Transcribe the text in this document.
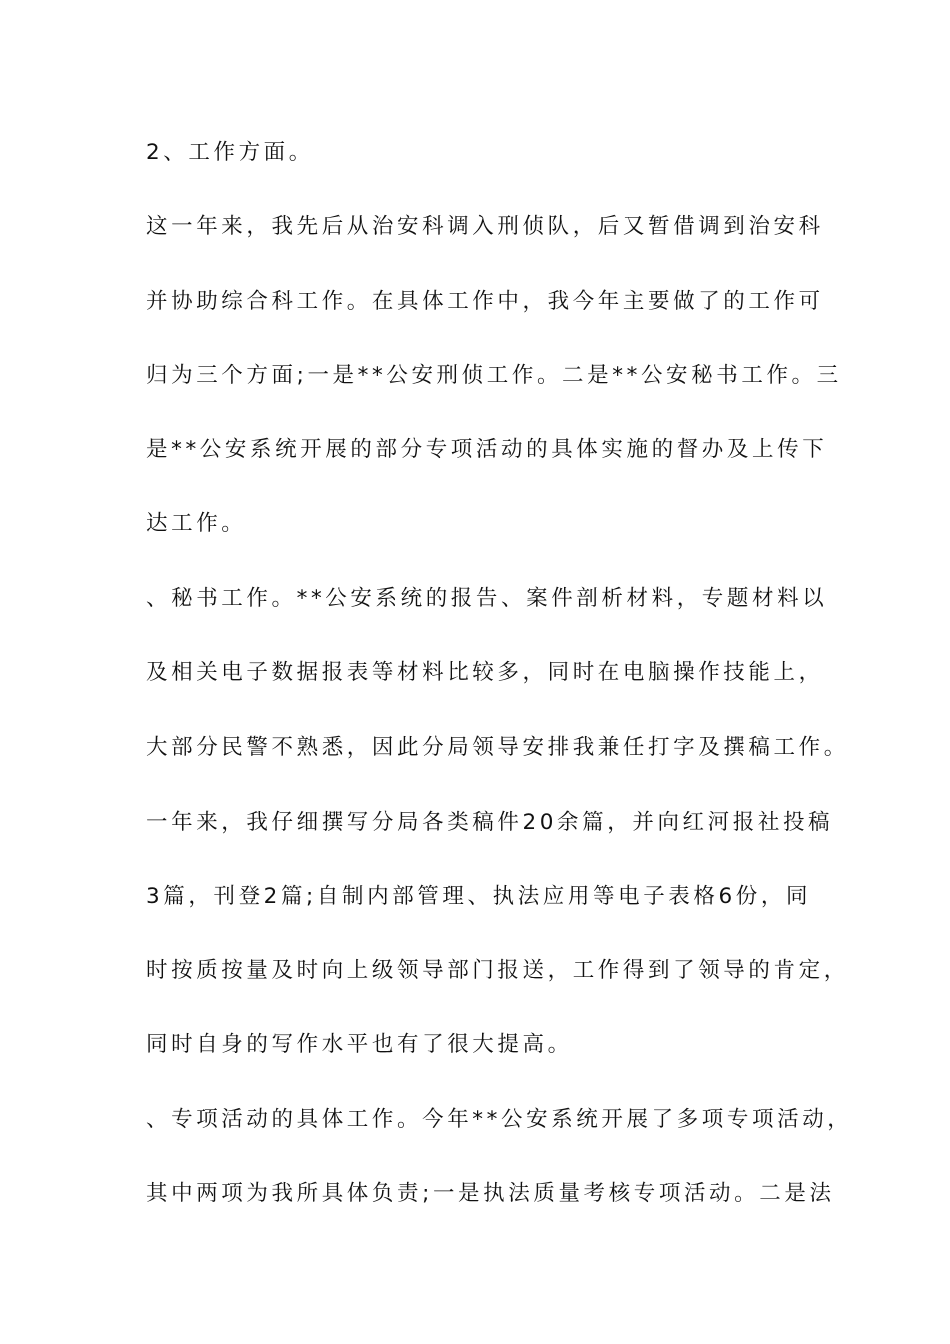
2、工作方面。
这一年来，我先后从治安科调入刑侦队，后又暂借调到治安科
并协助综合科工作。在具体工作中，我今年主要做了的工作可
归为三个方面;一是**公安刑侦工作。二是**公安秘书工作。三
是**公安系统开展的部分专项活动的具体实施的督办及上传下
达工作。
、秘书工作。**公安系统的报告、案件剖析材料，专题材料以
及相关电子数据报表等材料比较多，同时在电脑操作技能上，
大部分民警不熟悉，因此分局领导安排我兼任打字及撰稿工作。
一年来，我仔细撰写分局各类稿件20余篇，并向红河报社投稿
3篇，刊登2篇;自制内部管理、执法应用等电子表格6份，同
时按质按量及时向上级领导部门报送，工作得到了领导的肯定，
同时自身的写作水平也有了很大提高。
、专项活动的具体工作。今年**公安系统开展了多项专项活动，
其中两项为我所具体负责;一是执法质量考核专项活动。二是法
